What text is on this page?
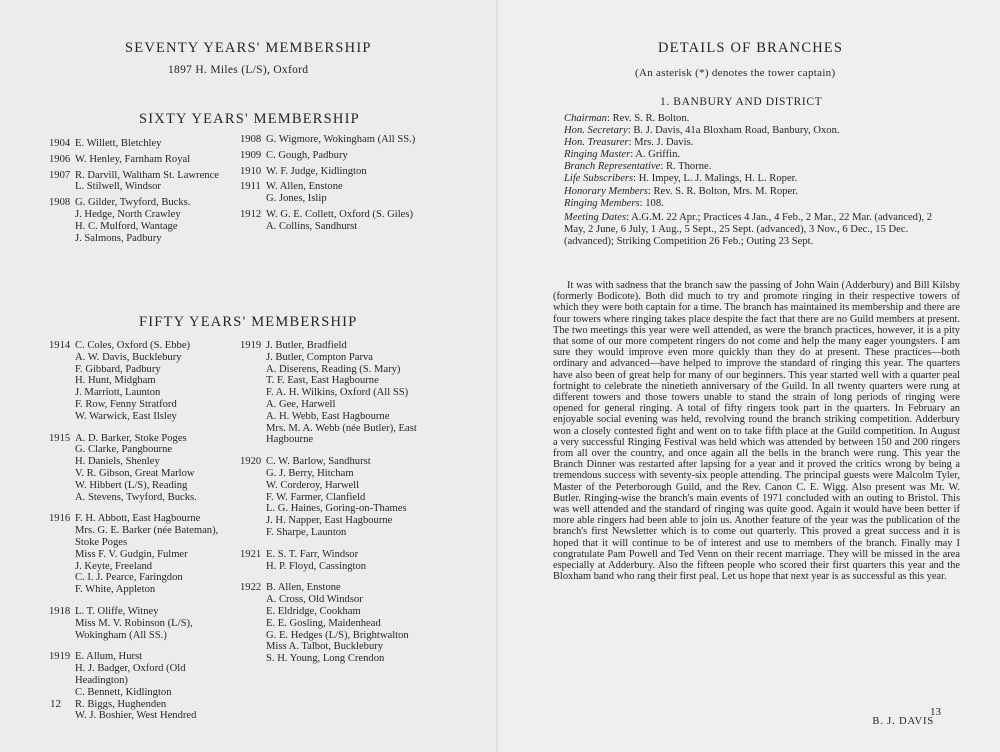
SEVENTY YEARS' MEMBERSHIP
1897 H. Miles (L/S), Oxford
SIXTY YEARS' MEMBERSHIP
1904 E. Willett, Bletchley
1906 W. Henley, Farnham Royal
1907 R. Darvill, Waltham St. Lawrence
L. Stilwell, Windsor
1908 G. Gilder, Twyford, Bucks.
J. Hedge, North Crawley
H. C. Mulford, Wantage
J. Salmons, Padbury
1908 G. Wigmore, Wokingham (All SS.)
1909 C. Gough, Padbury
1910 W. F. Judge, Kidlington
1911 W. Allen, Enstone
G. Jones, Islip
1912 W. G. E. Collett, Oxford (S. Giles)
A. Collins, Sandhurst
FIFTY YEARS' MEMBERSHIP
1914 C. Coles, Oxford (S. Ebbe)
A. W. Davis, Bucklebury
F. Gibbard, Padbury
H. Hunt, Midgham
J. Marriott, Launton
F. Row, Fenny Stratford
W. Warwick, East Ilsley
1915 A. D. Barker, Stoke Poges
G. Clarke, Pangbourne
H. Daniels, Shenley
V. R. Gibson, Great Marlow
W. Hibbert (L/S), Reading
A. Stevens, Twyford, Bucks.
1916 F. H. Abbott, East Hagbourne
Mrs. G. E. Barker (née Bateman), Stoke Poges
Miss F. V. Gudgin, Fulmer
J. Keyte, Freeland
C. I. J. Pearce, Faringdon
F. White, Appleton
1918 L. T. Oliffe, Witney
Miss M. V. Robinson (L/S), Wokingham (All SS.)
1919 E. Allum, Hurst
H. J. Badger, Oxford (Old Headington)
C. Bennett, Kidlington
R. Biggs, Hughenden
W. J. Boshier, West Hendred
1919 J. Butler, Bradfield
J. Butler, Compton Parva
A. Diserens, Reading (S. Mary)
T. F. East, East Hagbourne
F. A. H. Wilkins, Oxford (All SS)
A. Gee, Harwell
A. H. Webb, East Hagbourne
Mrs. M. A. Webb (née Butler), East Hagbourne
1920 C. W. Barlow, Sandhurst
G. J. Berry, Hitcham
W. Corderoy, Harwell
F. W. Farmer, Clanfield
L. G. Haines, Goring-on-Thames
J. H. Napper, East Hagbourne
F. Sharpe, Launton
1921 E. S. T. Farr, Windsor
H. P. Floyd, Cassington
1922 B. Allen, Enstone
A. Cross, Old Windsor
E. Eldridge, Cookham
E. E. Gosling, Maidenhead
G. E. Hedges (L/S), Brightwalton
Miss A. Talbot, Bucklebury
S. H. Young, Long Crendon
12
DETAILS OF BRANCHES
(An asterisk (*) denotes the tower captain)
1. BANBURY AND DISTRICT

Chairman: Rev. S. R. Bolton.

Hon. Secretary: B. J. Davis, 41a Bloxham Road, Banbury, Oxon.

Hon. Treasurer: Mrs. J. Davis.

Ringing Master: A. Griffin.

Branch Representative: R. Thorne.

Life Subscribers: H. Impey, L. J. Malings, H. L. Roper.

Honorary Members: Rev. S. R. Bolton, Mrs. M. Roper.

Ringing Members: 108.

Meeting Dates: A.G.M. 22 Apr.; Practices 4 Jan., 4 Feb., 2 Mar., 22 Mar. (advanced), 2 May, 2 June, 6 July, 1 Aug., 5 Sept., 25 Sept. (advanced), 3 Nov., 6 Dec., 15 Dec. (advanced); Striking Competition 26 Feb.; Outing 23 Sept.

It was with sadness that the branch saw the passing of John Wain (Adderbury) and Bill Kilsby (formerly Bodicote). Both did much to try and promote ringing in their respective towers of which they were both captain for a time. The branch has maintained its membership and there are four towers where ringing takes place despite the fact that there are no Guild members at present. The two meetings this year were well attended, as were the branch practices, however, it is a pity that some of our more competent ringers do not come and help the many eager youngsters. I am sure they would improve even more quickly than they do at present. These practices—both ordinary and advanced—have helped to improve the standard of ringing this year. The quarters have also been of great help for many of our beginners. This year started well with a quarter peal fortnight to celebrate the ninetieth anniversary of the Guild. In all twenty quarters were rung at different towers and those towers unable to stand the strain of long periods of ringing were opened for general ringing. A total of fifty ringers took part in the quarters. In February an enjoyable social evening was held, revolving round the branch striking competition. Adderbury won a closely contested fight and went on to take fifth place at the Guild competition. In August a very successful Ringing Festival was held which was attended by between 150 and 200 ringers from all over the country, and once again all the bells in the branch were rung. This year the Branch Dinner was restarted after lapsing for a year and it proved the critics wrong by being a tremendous success with seventy-six people attending. The principal guests were Malcolm Tyler, Master of the Peterborough Guild, and the Rev. Canon C. E. Wigg. Also present was Mr. W. Butler. Ringing-wise the branch's main events of 1971 concluded with an outing to Bristol. This was well attended and the standard of ringing was quite good. Again it would have been better if more able ringers had been able to join us. Another feature of the year was the publication of the branch's first Newsletter which is to come out quarterly. This proved a great success and it is hoped that it will continue to be of interest and use to members of the branch. Finally may I congratulate Pam Powell and Ted Venn on their recent marriage. They will be missed in the area especially at Adderbury. Also the fifteen people who scored their first quarters this year and the Bloxham band who rang their first peal. Let us hope that next year is as successful as this year.

B. J. DAVIS
13
